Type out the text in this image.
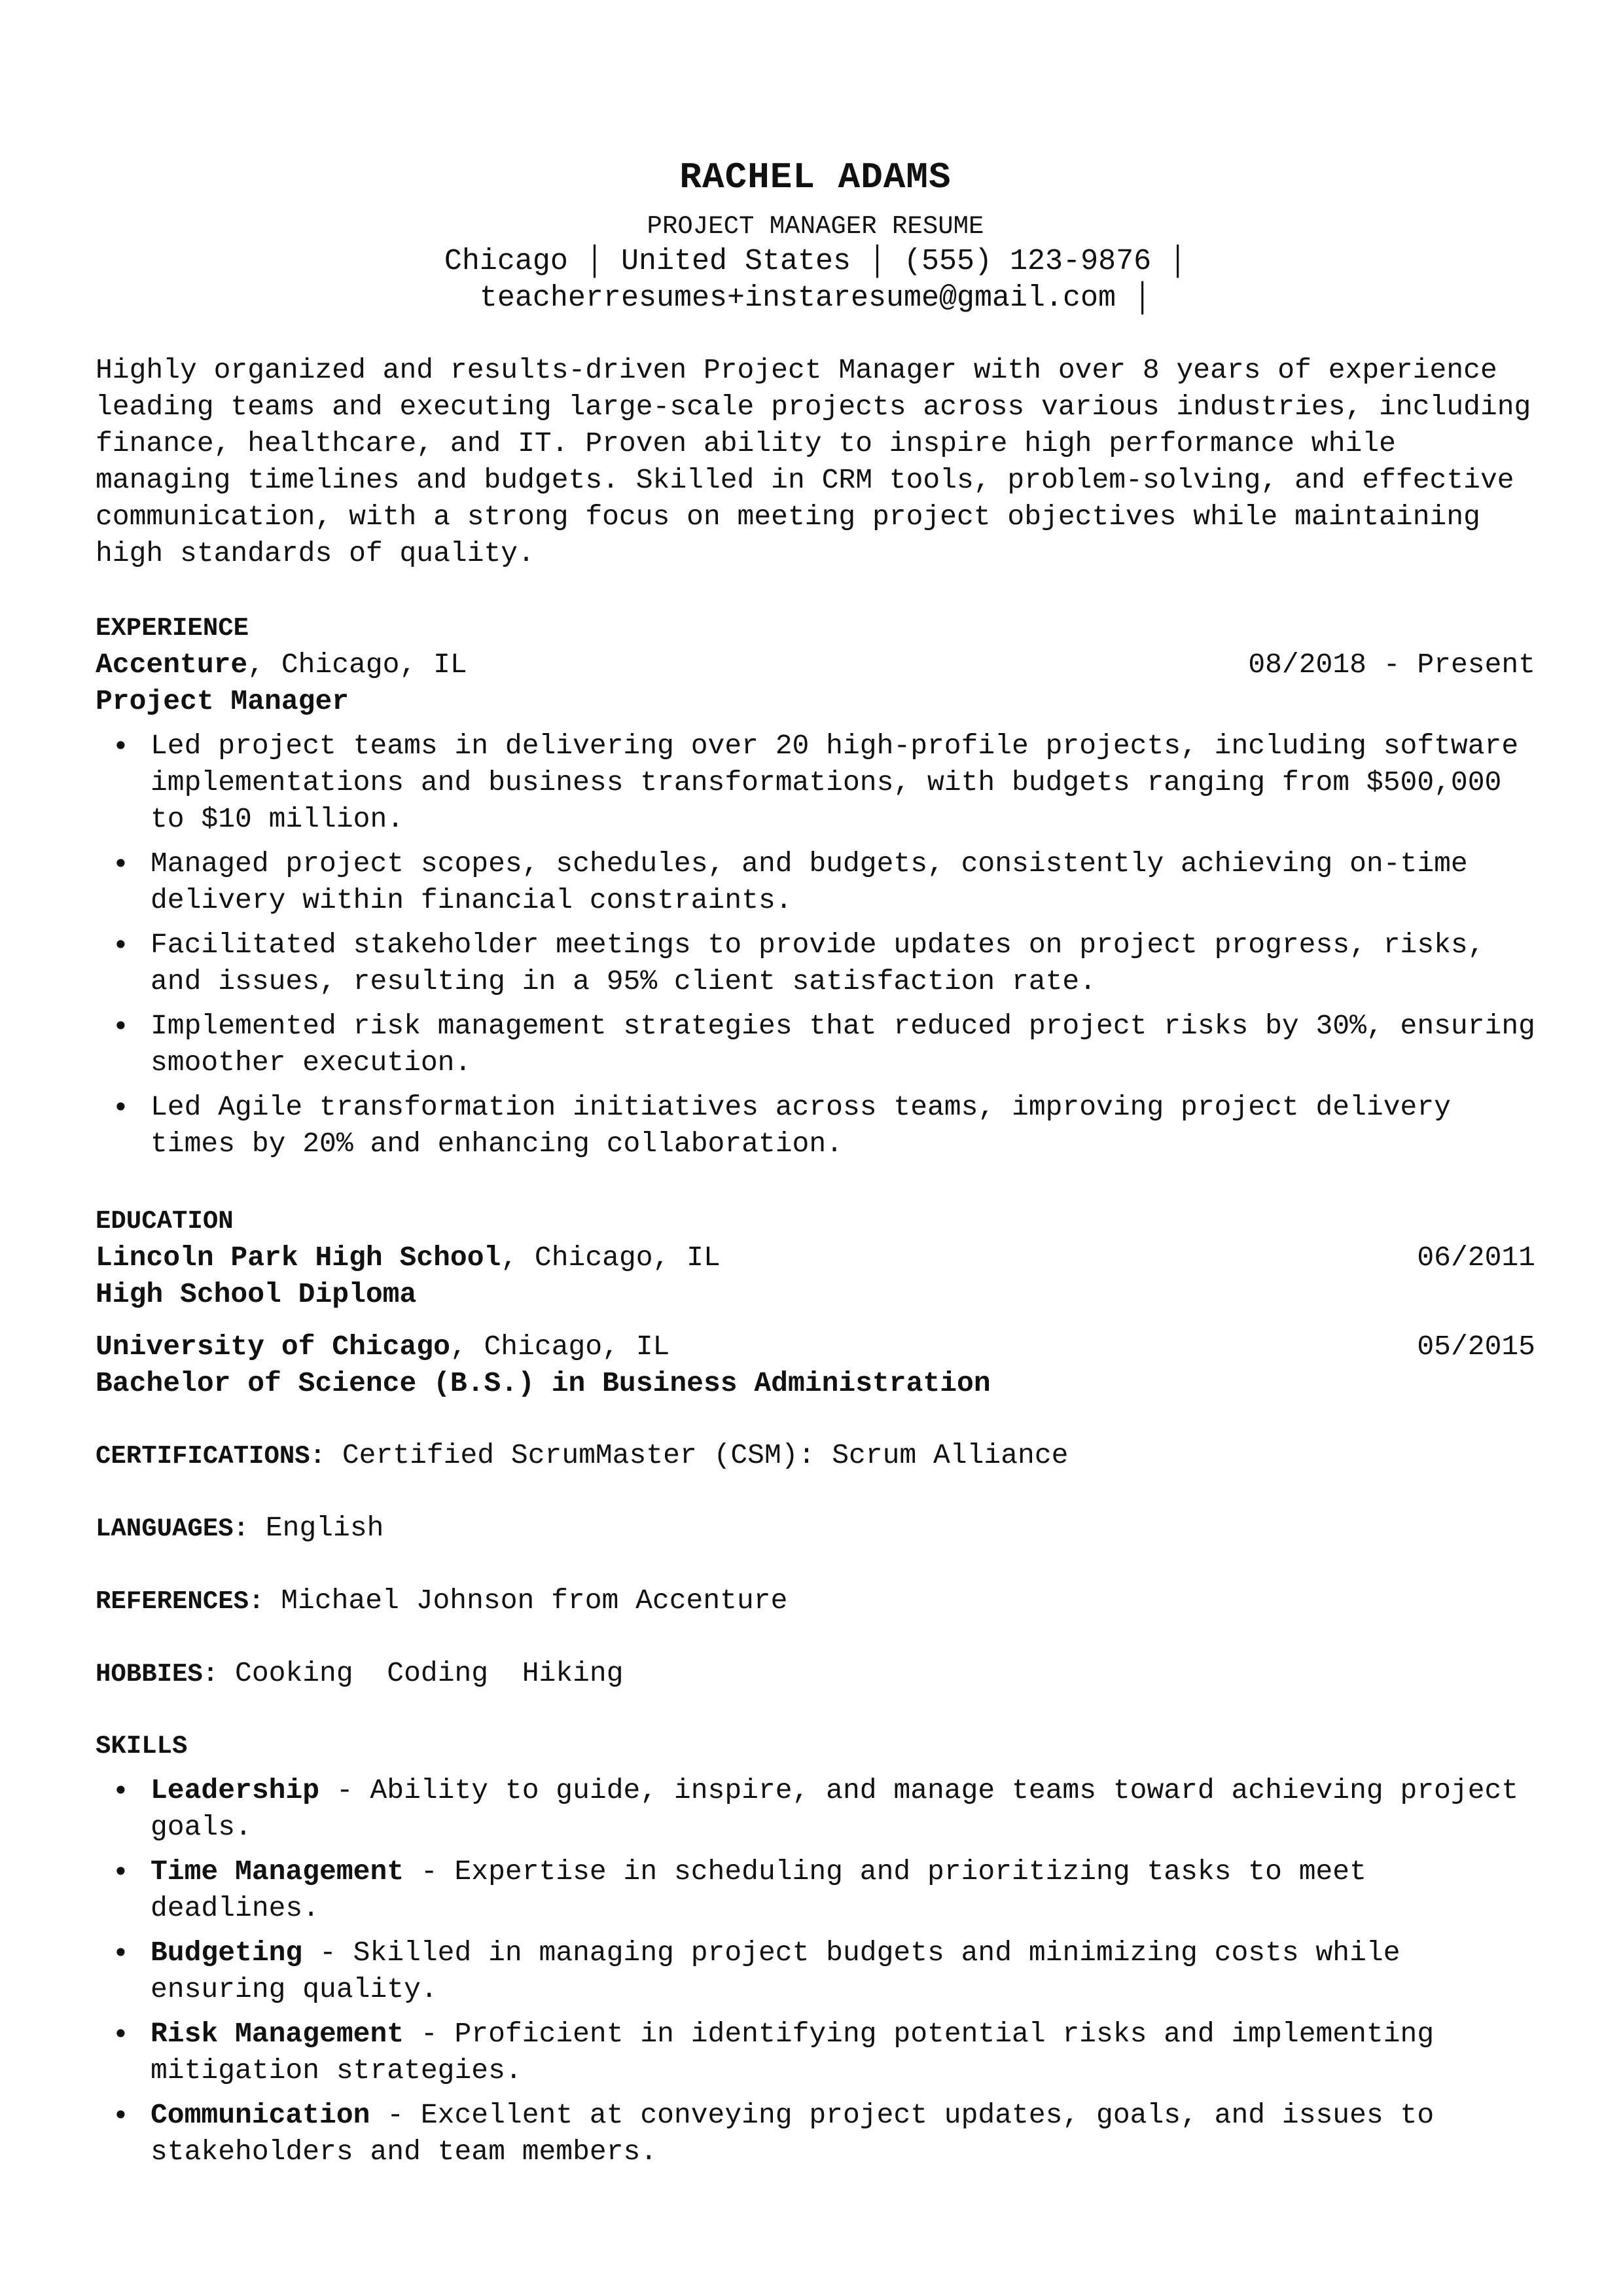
RACHEL ADAMS
PROJECT MANAGER RESUME
Chicago │ United States │ (555) 123-9876 │
teacherresumes+instaresume@gmail.com │
Highly organized and results-driven Project Manager with over 8 years of experience leading teams and executing large-scale projects across various industries, including finance, healthcare, and IT. Proven ability to inspire high performance while managing timelines and budgets. Skilled in CRM tools, problem-solving, and effective communication, with a strong focus on meeting project objectives while maintaining high standards of quality.
EXPERIENCE
Accenture, Chicago, IL	08/2018 - Present
Project Manager
• Led project teams in delivering over 20 high-profile projects, including software implementations and business transformations, with budgets ranging from $500,000 to $10 million.
• Managed project scopes, schedules, and budgets, consistently achieving on-time delivery within financial constraints.
• Facilitated stakeholder meetings to provide updates on project progress, risks, and issues, resulting in a 95% client satisfaction rate.
• Implemented risk management strategies that reduced project risks by 30%, ensuring smoother execution.
• Led Agile transformation initiatives across teams, improving project delivery times by 20% and enhancing collaboration.
EDUCATION
Lincoln Park High School, Chicago, IL	06/2011
High School Diploma
University of Chicago, Chicago, IL	05/2015
Bachelor of Science (B.S.) in Business Administration
CERTIFICATIONS: Certified ScrumMaster (CSM): Scrum Alliance
LANGUAGES: English
REFERENCES: Michael Johnson from Accenture
HOBBIES: Cooking  Coding  Hiking
SKILLS
• Leadership - Ability to guide, inspire, and manage teams toward achieving project goals.
• Time Management - Expertise in scheduling and prioritizing tasks to meet deadlines.
• Budgeting - Skilled in managing project budgets and minimizing costs while ensuring quality.
• Risk Management - Proficient in identifying potential risks and implementing mitigation strategies.
• Communication - Excellent at conveying project updates, goals, and issues to stakeholders and team members.
